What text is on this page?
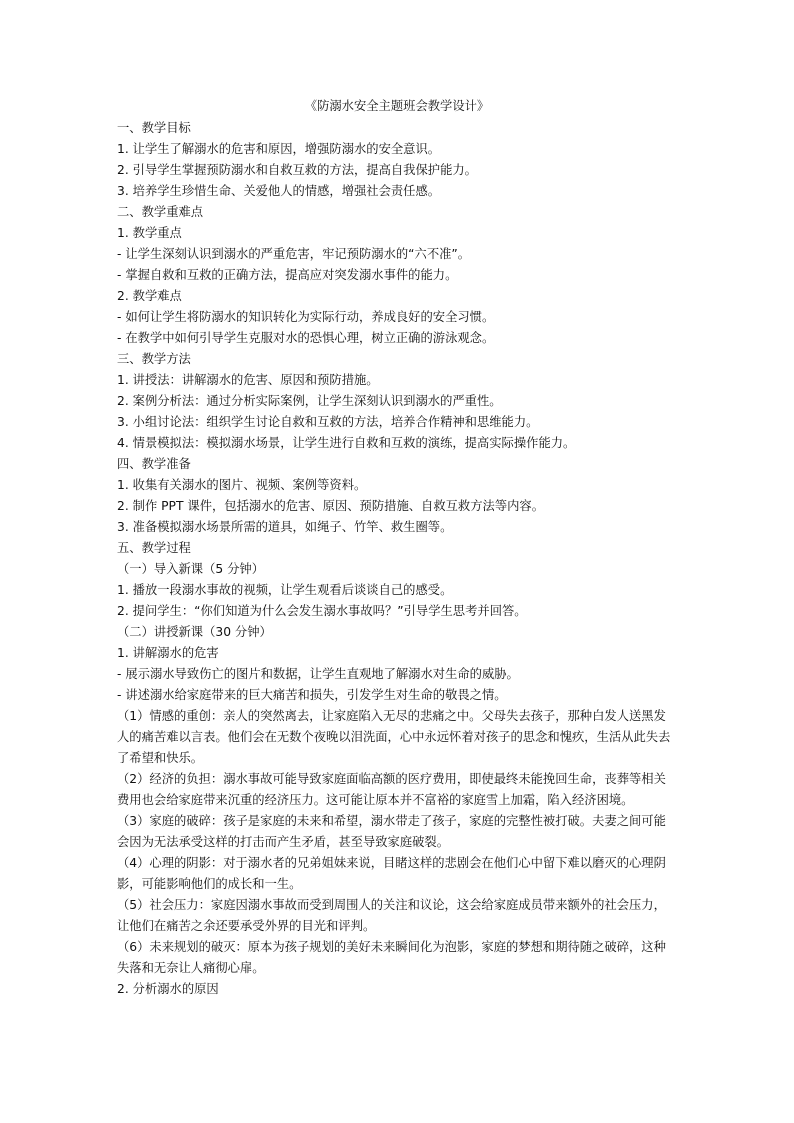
《防溺水安全主题班会教学设计》
一、教学目标
1. 让学生了解溺水的危害和原因，增强防溺水的安全意识。
2. 引导学生掌握预防溺水和自救互救的方法，提高自我保护能力。
3. 培养学生珍惜生命、关爱他人的情感，增强社会责任感。
二、教学重难点
1. 教学重点
- 让学生深刻认识到溺水的严重危害，牢记预防溺水的“六不准”。
- 掌握自救和互救的正确方法，提高应对突发溺水事件的能力。
2. 教学难点
- 如何让学生将防溺水的知识转化为实际行动，养成良好的安全习惯。
- 在教学中如何引导学生克服对水的恐惧心理，树立正确的游泳观念。
三、教学方法
1. 讲授法：讲解溺水的危害、原因和预防措施。
2. 案例分析法：通过分析实际案例，让学生深刻认识到溺水的严重性。
3. 小组讨论法：组织学生讨论自救和互救的方法，培养合作精神和思维能力。
4. 情景模拟法：模拟溺水场景，让学生进行自救和互救的演练，提高实际操作能力。
四、教学准备
1. 收集有关溺水的图片、视频、案例等资料。
2. 制作 PPT 课件，包括溺水的危害、原因、预防措施、自救互救方法等内容。
3. 准备模拟溺水场景所需的道具，如绳子、竹竿、救生圈等。
五、教学过程
（一）导入新课（5 分钟）
1. 播放一段溺水事故的视频，让学生观看后谈谈自己的感受。
2. 提问学生：“你们知道为什么会发生溺水事故吗？”引导学生思考并回答。
（二）讲授新课（30 分钟）
1. 讲解溺水的危害
- 展示溺水导致伤亡的图片和数据，让学生直观地了解溺水对生命的威胁。
- 讲述溺水给家庭带来的巨大痛苦和损失，引发学生对生命的敬畏之情。
（1）情感的重创：亲人的突然离去，让家庭陷入无尽的悲痛之中。父母失去孩子，那种白发人送黑发人的痛苦难以言表。他们会在无数个夜晚以泪洗面，心中永远怀着对孩子的思念和愧疚，生活从此失去了希望和快乐。
（2）经济的负担：溺水事故可能导致家庭面临高额的医疗费用，即使最终未能挽回生命，丧葬等相关费用也会给家庭带来沉重的经济压力。这可能让原本并不富裕的家庭雪上加霜，陷入经济困境。
（3）家庭的破碎：孩子是家庭的未来和希望，溺水带走了孩子，家庭的完整性被打破。夫妻之间可能会因为无法承受这样的打击而产生矛盾，甚至导致家庭破裂。
（4）心理的阴影：对于溺水者的兄弟姐妹来说，目睹这样的悲剧会在他们心中留下难以磨灭的心理阴影，可能影响他们的成长和一生。
（5）社会压力：家庭因溺水事故而受到周围人的关注和议论，这会给家庭成员带来额外的社会压力，让他们在痛苦之余还要承受外界的目光和评判。
（6）未来规划的破灭：原本为孩子规划的美好未来瞬间化为泡影，家庭的梦想和期待随之破碎，这种失落和无奈让人痛彻心扉。
2. 分析溺水的原因
